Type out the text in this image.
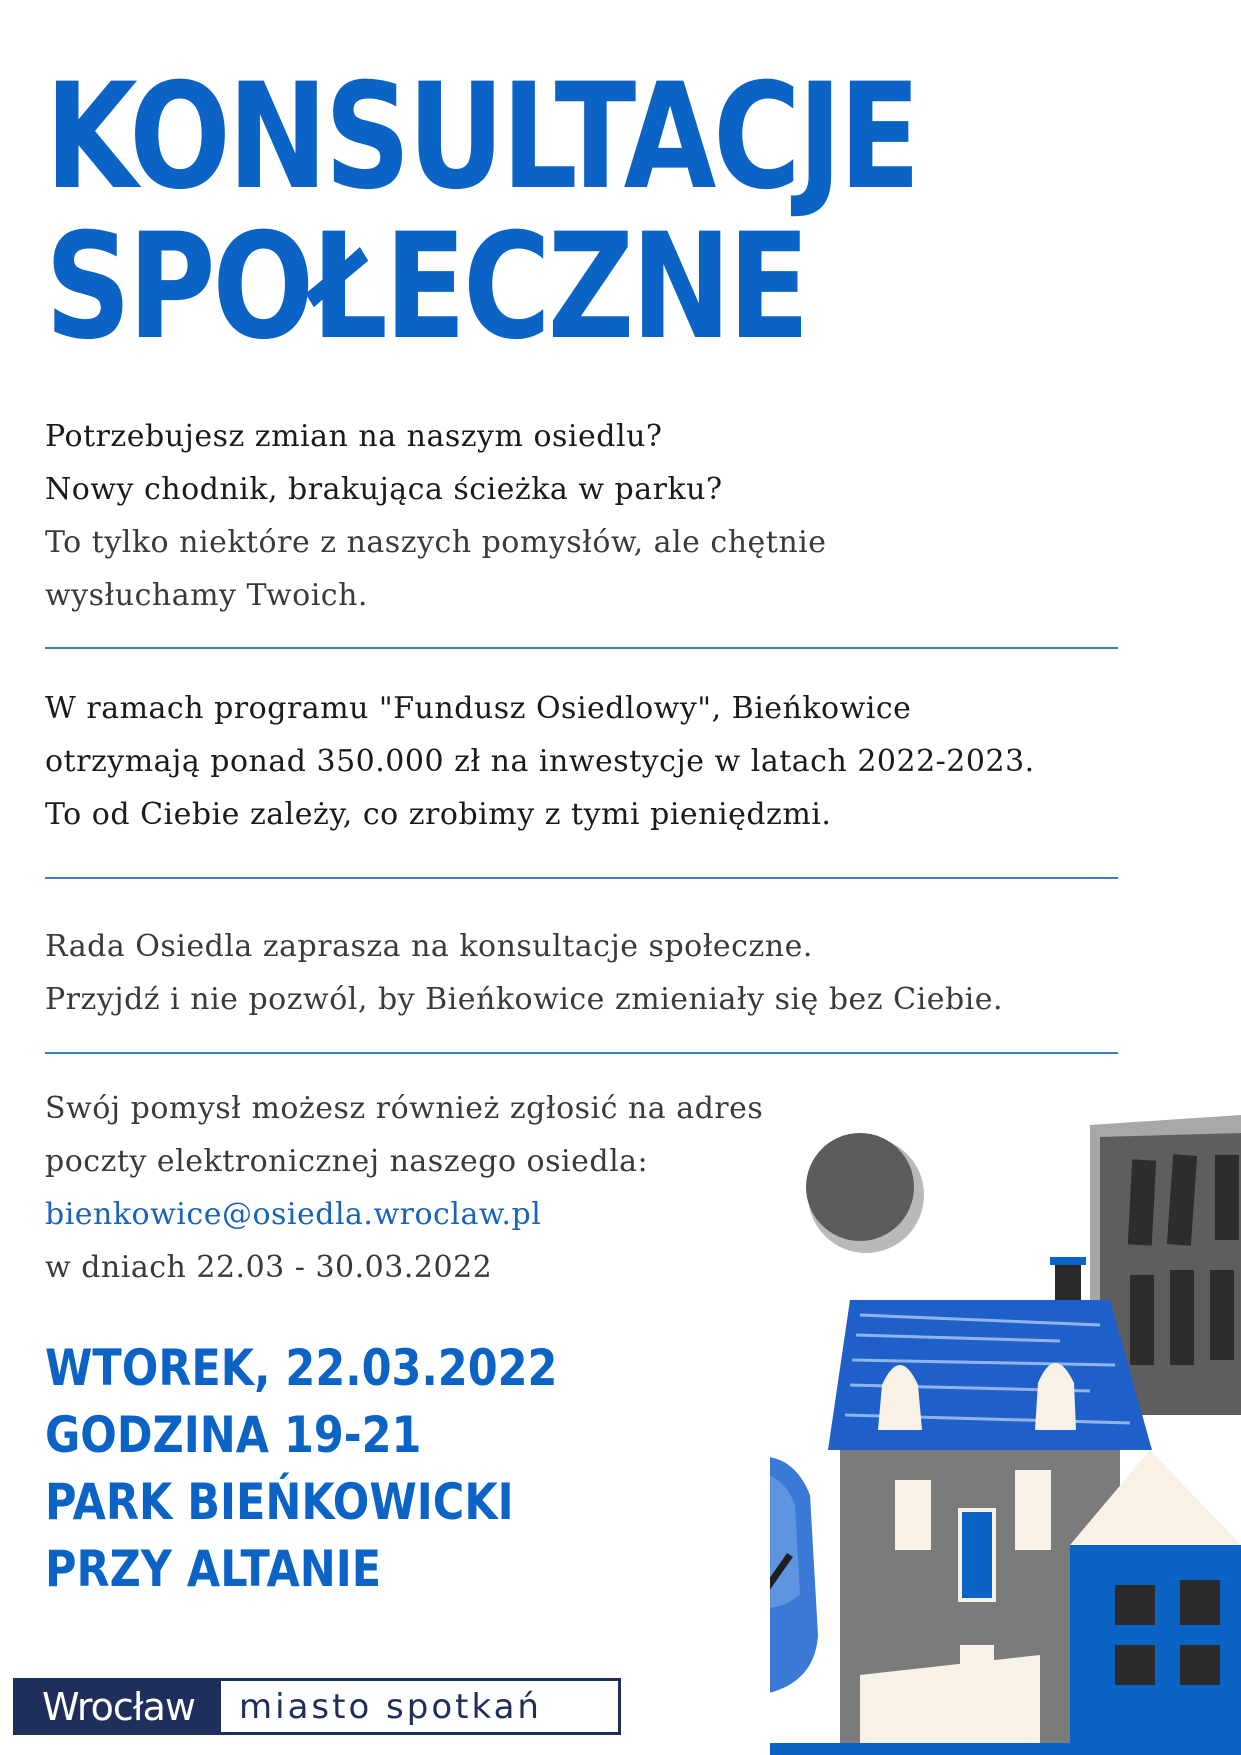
KONSULTACJE
SPOŁECZNE
Potrzebujesz zmian na naszym osiedlu?
Nowy chodnik, brakująca ścieżka w parku?
To tylko niektóre z naszych pomysłów, ale chętnie
wysłuchamy Twoich.
W ramach programu "Fundusz Osiedlowy", Bieńkowice
otrzymają ponad 350.000 zł na inwestycje w latach 2022-2023.
To od Ciebie zależy, co zrobimy z tymi pieniędzmi.
Rada Osiedla zaprasza na konsultacje społeczne.
Przyjdź i nie pozwól, by Bieńkowice zmieniały się bez Ciebie.
Swój pomysł możesz również zgłosić na adres
poczty elektronicznej naszego osiedla:
bienkowice@osiedla.wroclaw.pl
w dniach 22.03 - 30.03.2022
WTOREK, 22.03.2022
GODZINA 19-21
PARK BIEŃKOWICKI
PRZY ALTANIE
Wrocław	miasto spotkań
